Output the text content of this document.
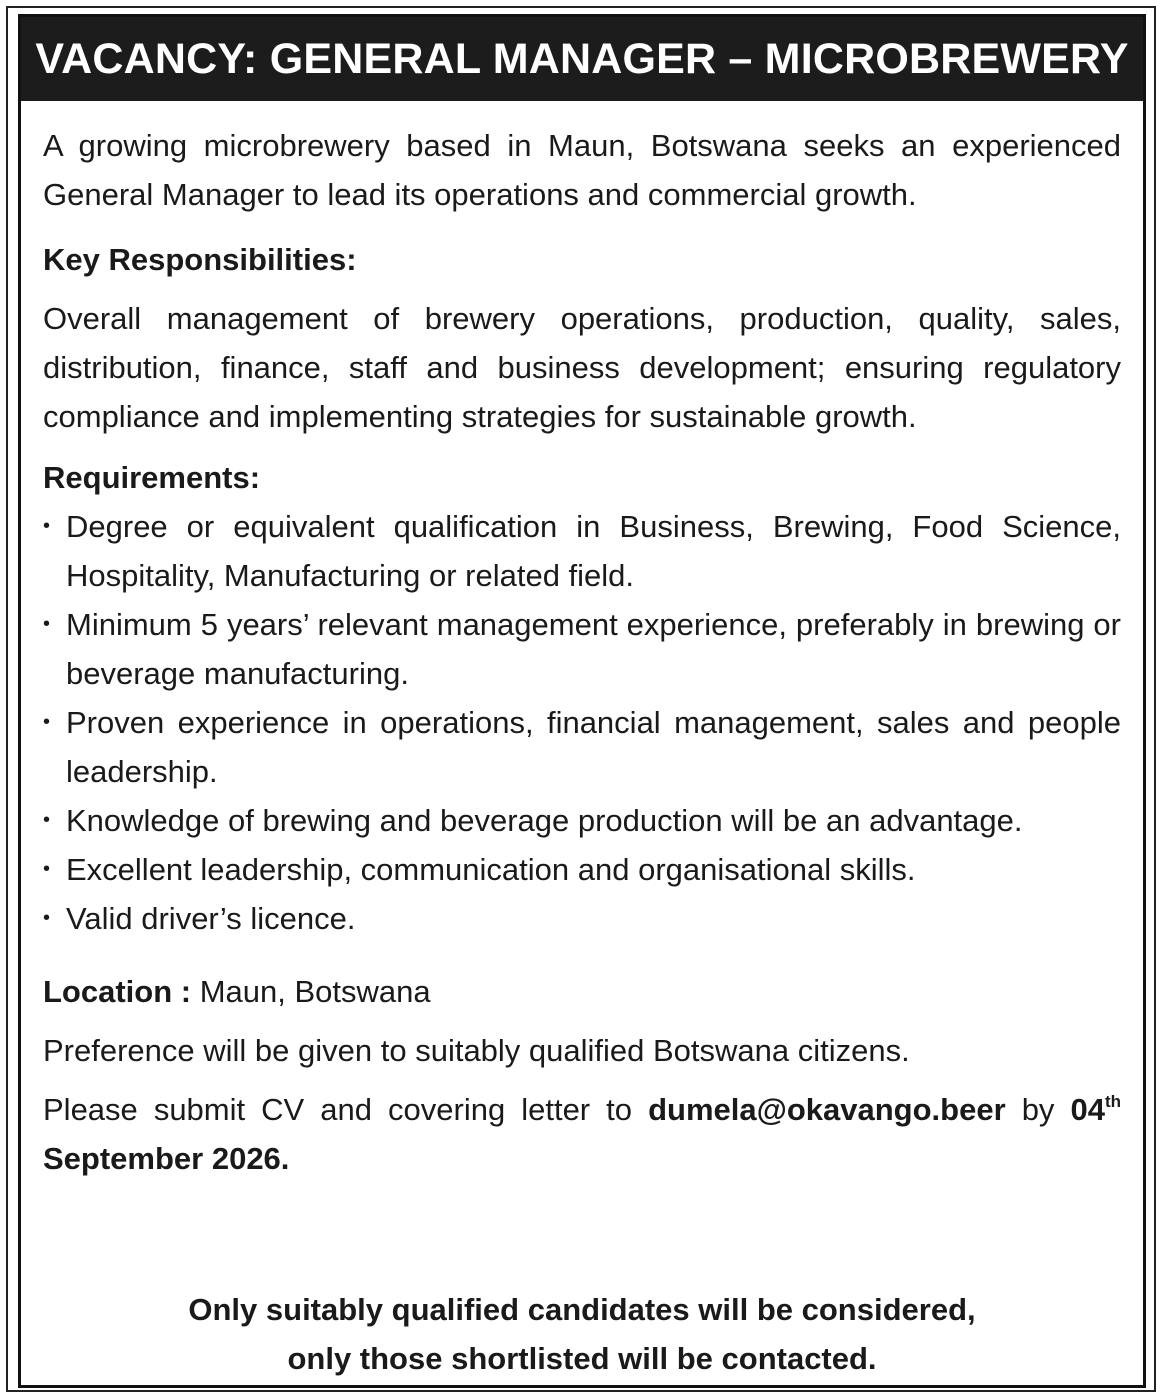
VACANCY: GENERAL MANAGER – MICROBREWERY

A growing microbrewery based in Maun, Botswana seeks an experienced General Manager to lead its operations and commercial growth.

Key Responsibilities:

Overall management of brewery operations, production, quality, sales, distribution, finance, staff and business development; ensuring regulatory compliance and implementing strategies for sustainable growth.

Requirements:

• Degree or equivalent qualification in Business, Brewing, Food Science, Hospitality, Manufacturing or related field.
• Minimum 5 years’ relevant management experience, preferably in brewing or beverage manufacturing.
• Proven experience in operations, financial management, sales and people leadership.
• Knowledge of brewing and beverage production will be an advantage.
• Excellent leadership, communication and organisational skills.
• Valid driver’s licence.

Location : Maun, Botswana

Preference will be given to suitably qualified Botswana citizens.

Please submit CV and covering letter to dumela@okavango.beer by 04th September 2026.

Only suitably qualified candidates will be considered,
only those shortlisted will be contacted.
